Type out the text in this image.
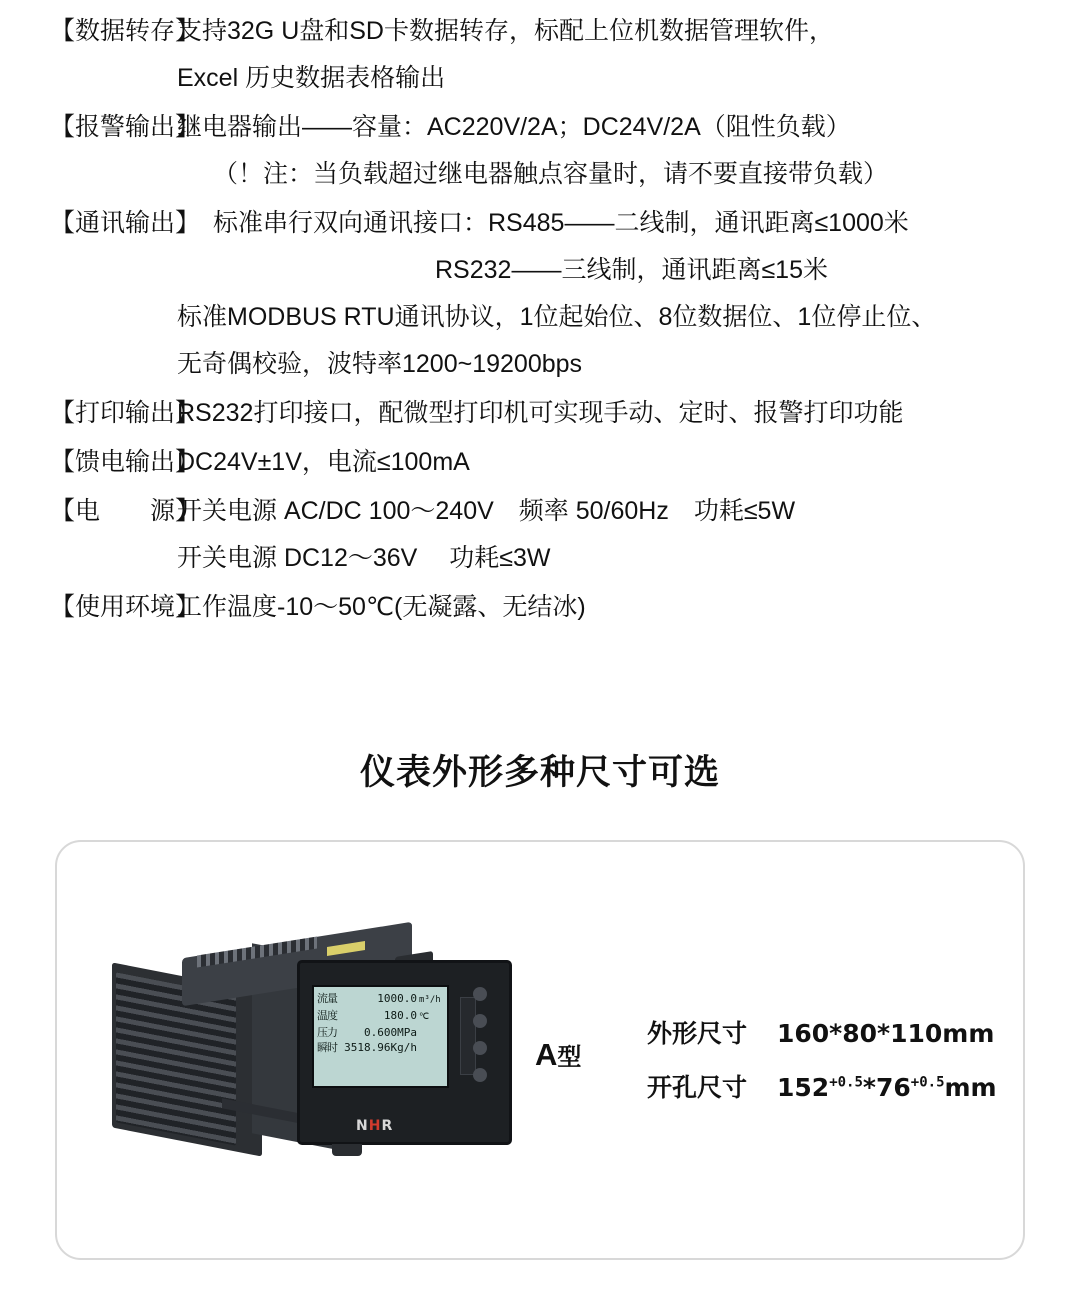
【数据转存】
支持32G U盘和SD卡数据转存，标配上位机数据管理软件，
Excel 历史数据表格输出
【报警输出】
继电器输出——容量：AC220V/2A；DC24V/2A（阻性负载）
（！注：当负载超过继电器触点容量时，请不要直接带负载）
【通讯输出】 标准串行双向通讯接口：RS485——二线制，通讯距离≤1000米
RS232——三线制，通讯距离≤15米
标准MODBUS RTU通讯协议，1位起始位、8位数据位、1位停止位、
无奇偶校验，波特率1200~19200bps
【打印输出】
RS232打印接口，配微型打印机可实现手动、定时、报警打印功能
【馈电输出】
DC24V±1V，电流≤100mA
【电　　源】
开关电源 AC/DC 100～240V　频率 50/60Hz　功耗≤5W
开关电源 DC12～36V　 功耗≤3W
【使用环境】
工作温度-10～50℃(无凝露、无结冰)
仪表外形多种尺寸可选
流量	1000.0 m³/h
温度	180.0 ℃
压力	0.600MPa
瞬时 3518.96Kg/h
NHR
$A^型$
外形尺寸	160*80*110mm
开孔尺寸	$152^{+0.5}*76^{+0.5}mm$
